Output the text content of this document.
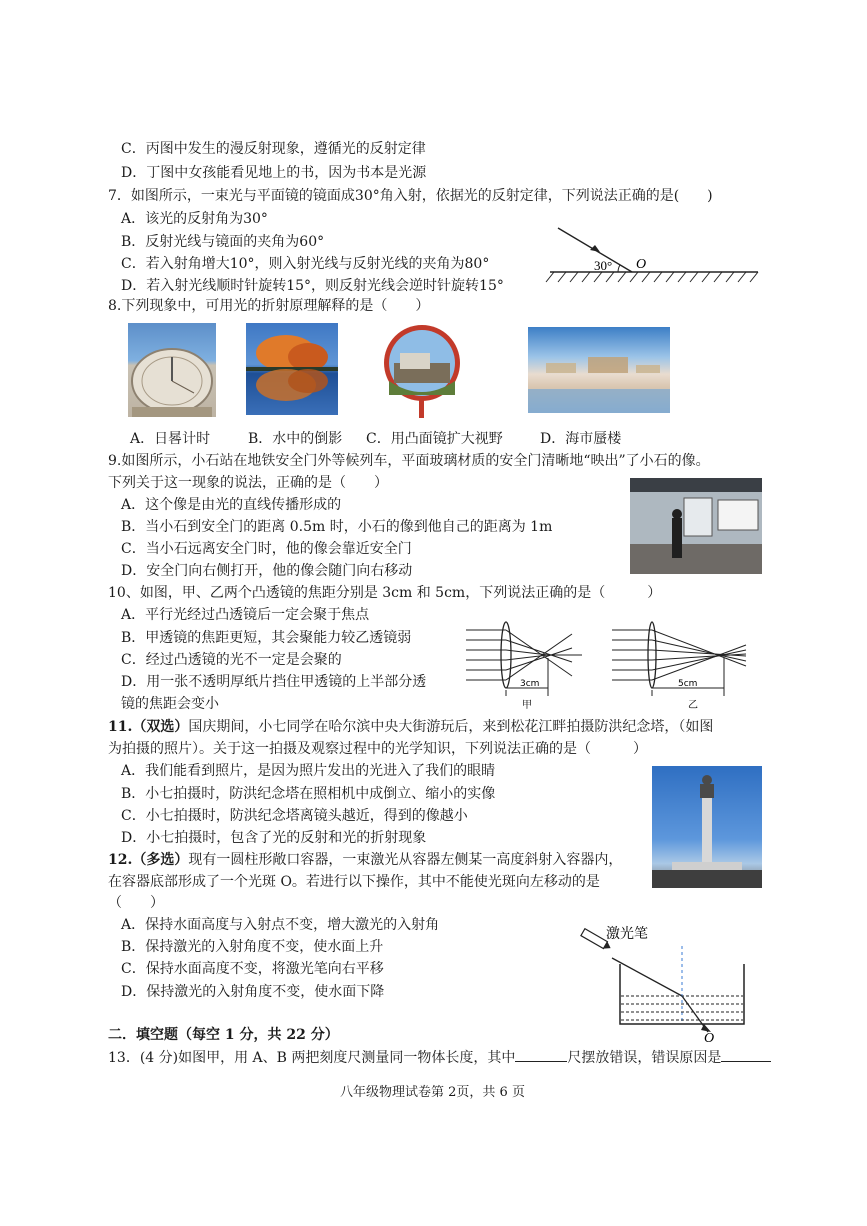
C．丙图中发生的漫反射现象，遵循光的反射定律
D．丁图中女孩能看见地上的书，因为书本是光源
7．如图所示，一束光与平面镜的镜面成30°角入射，依据光的反射定律，下列说法正确的是(　　)
A．该光的反射角为30°
B．反射光线与镜面的夹角为60°
C．若入射角增大10°，则入射光线与反射光线的夹角为80°
D．若入射光线顺时针旋转15°，则反射光线会逆时针旋转15°
30° O
8.下列现象中，可用光的折射原理解释的是（　　）
A．日晷计时	B．水中的倒影 C．用凸面镜扩大视野	D．海市蜃楼
9.如图所示，小石站在地铁安全门外等候列车，平面玻璃材质的安全门清晰地“映出”了小石的像。
下列关于这一现象的说法，正确的是（　　）
A．这个像是由光的直线传播形成的
B．当小石到安全门的距离 0.5m 时，小石的像到他自己的距离为 1m
C．当小石远离安全门时，他的像会靠近安全门
D．安全门向右侧打开，他的像会随门向右移动
10、如图，甲、乙两个凸透镜的焦距分别是 3cm 和 5cm，下列说法正确的是（　　　）
A．平行光经过凸透镜后一定会聚于焦点
B．甲透镜的焦距更短，其会聚能力较乙透镜弱
C．经过凸透镜的光不一定是会聚的
D．用一张不透明厚纸片挡住甲透镜的上半部分透
镜的焦距会变小
3cm
甲
5cm
乙
11.（双选）国庆期间，小七同学在哈尔滨中央大街游玩后，来到松花江畔拍摄防洪纪念塔，（如图
为拍摄的照片）。关于这一拍摄及观察过程中的光学知识，下列说法正确的是（　　　）
A．我们能看到照片，是因为照片发出的光进入了我们的眼睛
B．小七拍摄时，防洪纪念塔在照相机中成倒立、缩小的实像
C．小七拍摄时，防洪纪念塔离镜头越近，得到的像越小
D．小七拍摄时，包含了光的反射和光的折射现象
12.（多选）现有一圆柱形敞口容器，一束激光从容器左侧某一高度斜射入容器内，
在容器底部形成了一个光斑 O。若进行以下操作，其中不能使光斑向左移动的是
（　　）
A．保持水面高度与入射点不变，增大激光的入射角
B．保持激光的入射角度不变，使水面上升
C．保持水面高度不变，将激光笔向右平移
D．保持激光的入射角度不变，使水面下降
激光笔
O
二．填空题（每空 1 分，共 22 分）
13．(4 分)如图甲，用 A、B 两把刻度尺测量同一物体长度，其中	尺摆放错误，错误原因是
八年级物理试卷第 2页，共 6 页
